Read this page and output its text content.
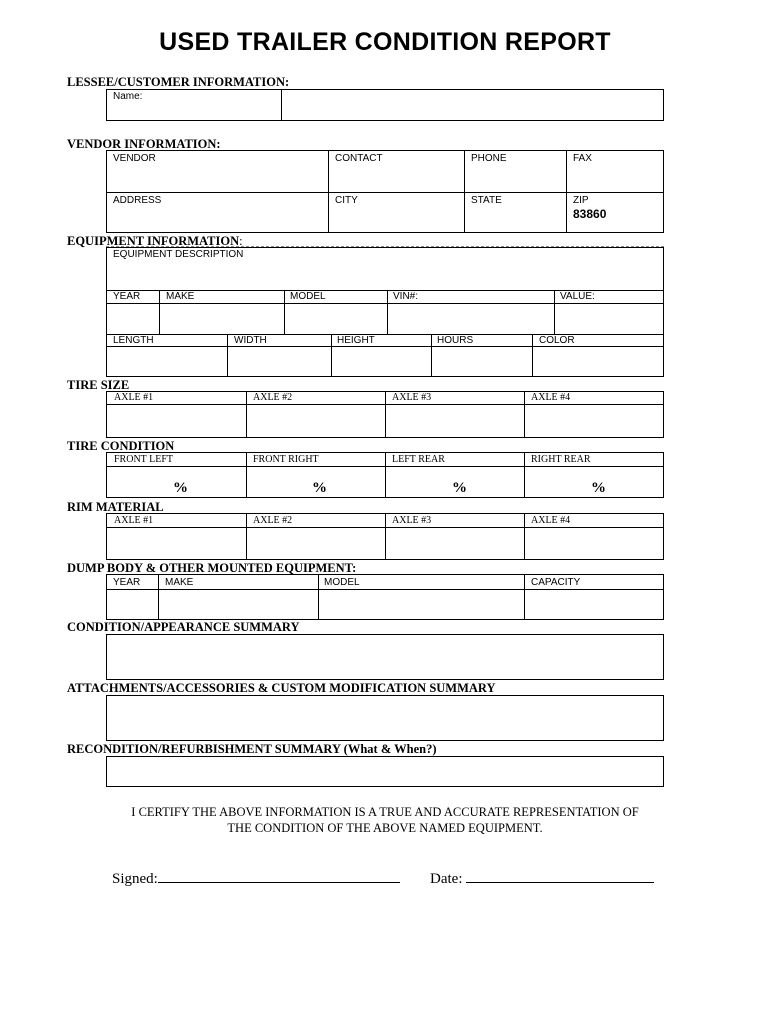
USED TRAILER CONDITION REPORT
LESSEE/CUSTOMER INFORMATION:
Name:
VENDOR INFORMATION:
VENDOR	CONTACT	PHONE	FAX
ADDRESS	CITY	STATE	ZIP
83860
EQUIPMENT INFORMATION:
EQUIPMENT DESCRIPTION
YEAR	MAKE	MODEL	VIN#:	VALUE:
LENGTH	WIDTH	HEIGHT	HOURS	COLOR
TIRE SIZE
AXLE #1	AXLE #2	AXLE #3	AXLE #4
TIRE CONDITION
FRONT LEFT	FRONT RIGHT	LEFT REAR	RIGHT REAR
%	%	%	%
RIM MATERIAL
AXLE #1	AXLE #2	AXLE #3	AXLE #4
DUMP BODY & OTHER MOUNTED EQUIPMENT:
YEAR MAKE	MODEL	CAPACITY
CONDITION/APPEARANCE SUMMARY
ATTACHMENTS/ACCESSORIES & CUSTOM MODIFICATION SUMMARY
RECONDITION/REFURBISHMENT SUMMARY (What & When?)
I CERTIFY THE ABOVE INFORMATION IS A TRUE AND ACCURATE REPRESENTATION OF
THE CONDITION OF THE ABOVE NAMED EQUIPMENT.
Signed:	Date:
